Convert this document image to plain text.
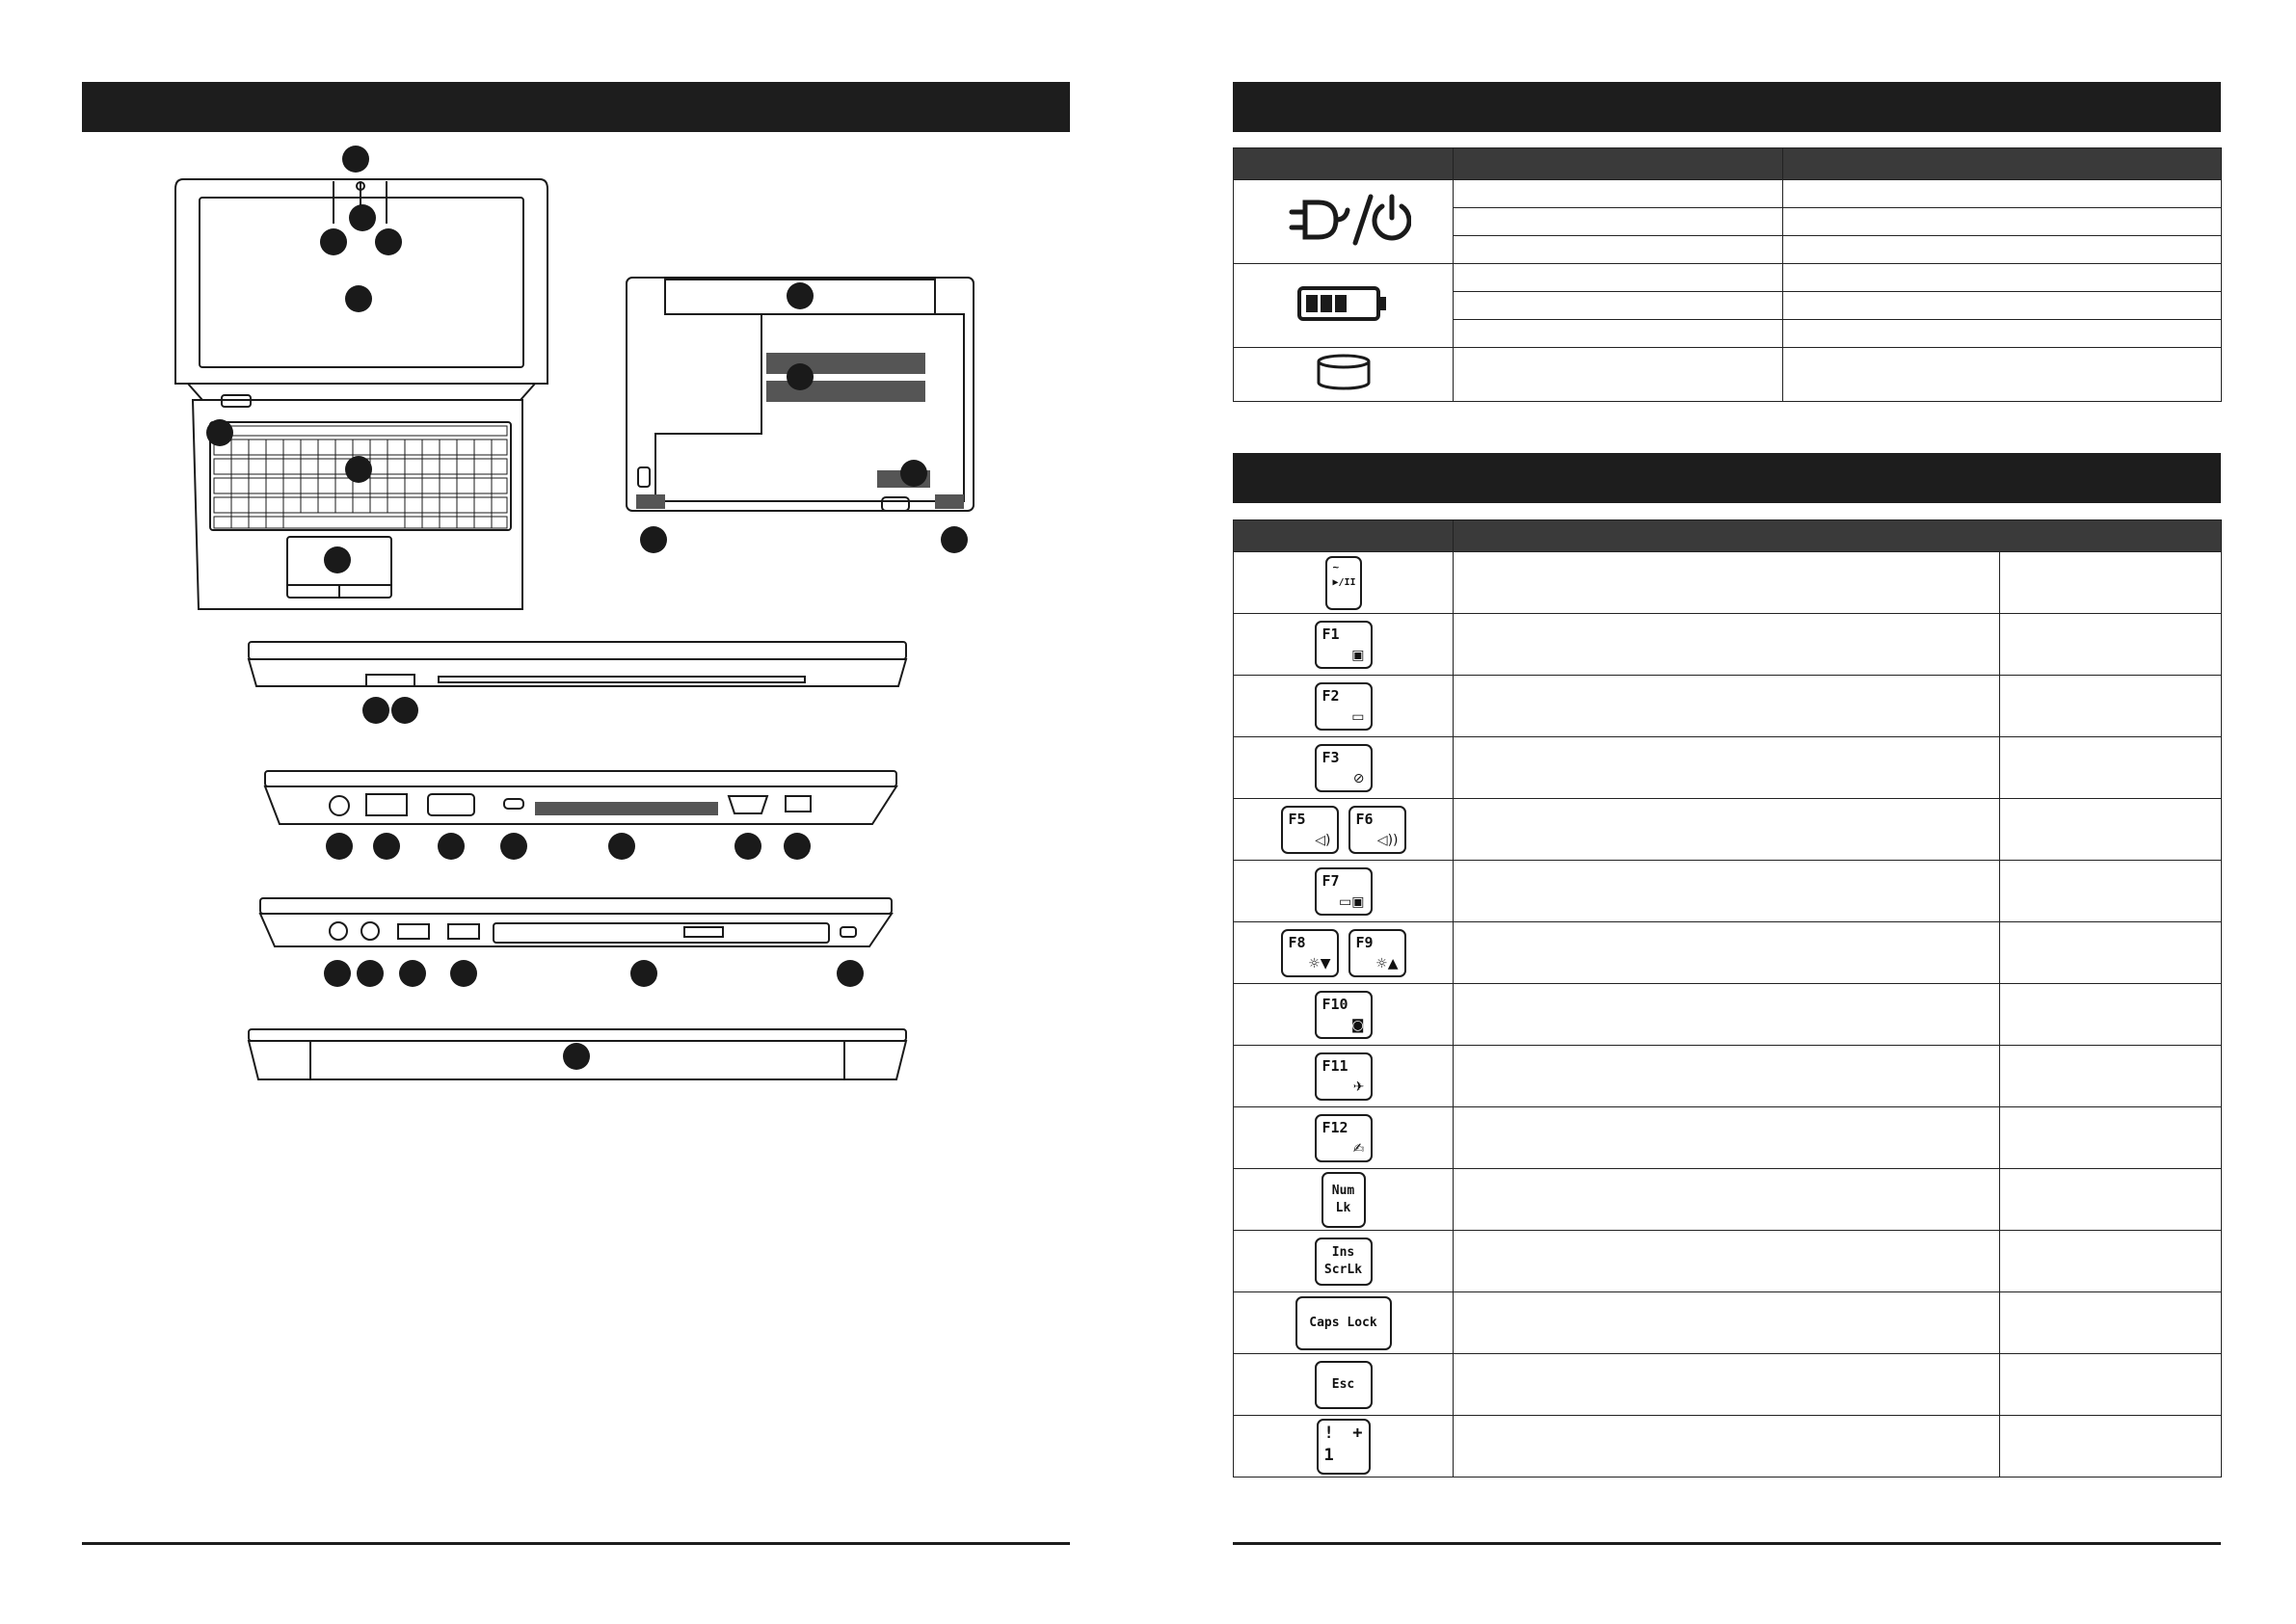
~
▶/II		

F1
▣		

F2
▭		

F3
⊘		

F5
◁)
F6
◁))		

F7
▭▣		

F8
☼▼
F9
☼▲		

F10
◙		

F11
✈		

F12
✍		

Num
Lk		

Ins
ScrLk		

Caps Lock		

Esc		

! +
1		
